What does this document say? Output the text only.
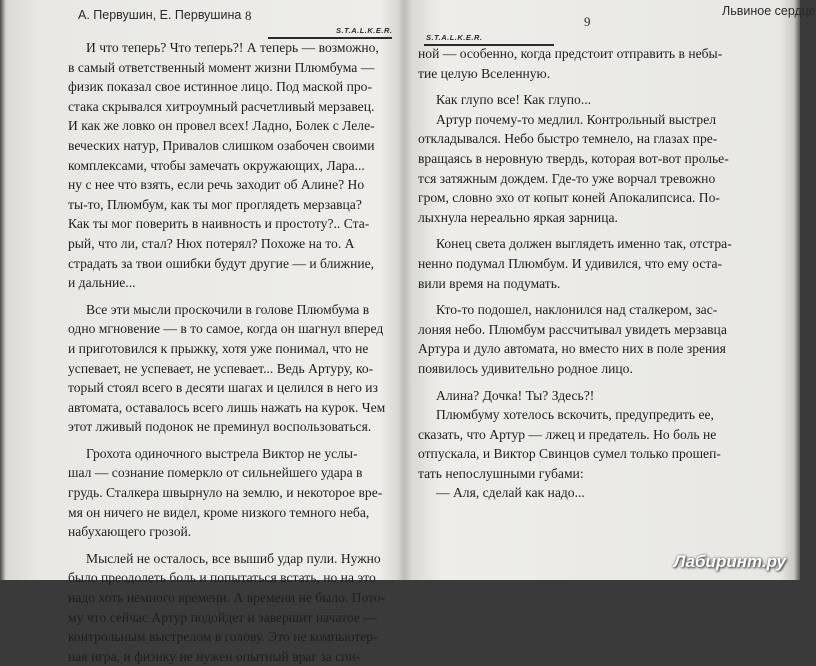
А. Первушин, Е. Первушина 8
S.T.A.L.K.E.R.
И что теперь? Что теперь?! А теперь — возможно,
в самый ответственный момент жизни Плюмбума —
физик показал свое истинное лицо. Под маской про-
стака скрывался хитроумный расчетливый мерзавец.
И как же ловко он провел всех! Ладно, Болек с Леле-
веческих натур, Привалов слишком озабочен своими
комплексами, чтобы замечать окружающих, Лара...
ну с нее что взять, если речь заходит об Алине? Но
ты-то, Плюмбум, как ты мог проглядеть мерзавца?
Как ты мог поверить в наивность и простоту?.. Ста-
рый, что ли, стал? Нюх потерял? Похоже на то. А
страдать за твои ошибки будут другие — и ближние,
и дальние...
Все эти мысли проскочили в голове Плюмбума в
одно мгновение — в то самое, когда он шагнул вперед
и приготовился к прыжку, хотя уже понимал, что не
успевает, не успевает, не успевает... Ведь Артуру, ко-
торый стоял всего в десяти шагах и целился в него из
автомата, оставалось всего лишь нажать на курок. Чем
этот лживый подонок не преминул воспользоваться.
Грохота одиночного выстрела Виктор не услы-
шал — сознание померкло от сильнейшего удара в
грудь. Сталкера швырнуло на землю, и некоторое вре-
мя он ничего не видел, кроме низкого темного неба,
набухающего грозой.
Мыслей не осталось, все вышиб удар пули. Нужно
было преодолеть боль и попытаться встать, но на это
надо хоть немного времени. А времени не было. Пото-
му что сейчас Артур подойдет и завершит начатое —
контрольным выстрелом в голову. Это не компьютер-
ная игра, и физику не нужен опытный враг за спи-
9
S.T.A.L.K.E.R.
Львиное сердце
ной — особенно, когда предстоит отправить в небы-
тие целую Вселенную.
Как глупо все! Как глупо...
Артур почему-то медлил. Контрольный выстрел
откладывался. Небо быстро темнело, на глазах пре-
вращаясь в неровную твердь, которая вот-вот пролье-
тся затяжным дождем. Где-то уже ворчал тревожно
гром, словно эхо от копыт коней Апокалипсиса. По-
лыхнула нереально яркая зарница.
Конец света должен выглядеть именно так, отстра-
ненно подумал Плюмбум. И удивился, что ему оста-
вили время на подумать.
Кто-то подошел, наклонился над сталкером, зас-
лоняя небо. Плюмбум рассчитывал увидеть мерзавца
Артура и дуло автомата, но вместо них в поле зрения
появилось удивительно родное лицо.
Алина? Дочка! Ты? Здесь?!
Плюмбуму хотелось вскочить, предупредить ее,
сказать, что Артур — лжец и предатель. Но боль не
отпускала, и Виктор Свинцов сумел только прошеп-
тать непослушными губами:
— Аля, сделай как надо...
Лабиринт.ру
